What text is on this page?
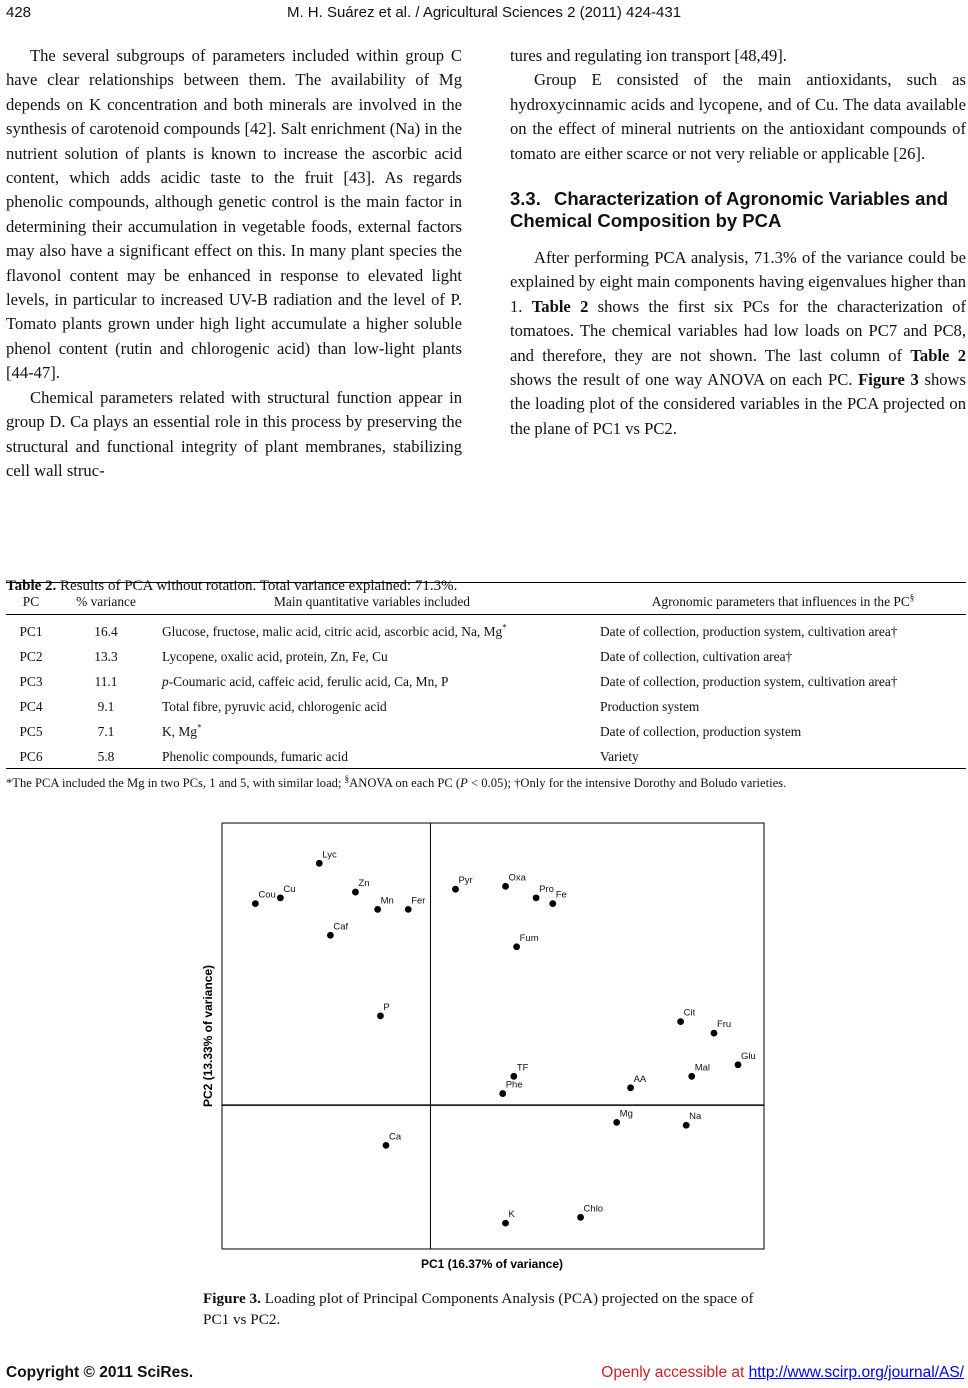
428	M. H. Suárez et al. / Agricultural Sciences 2 (2011) 424-431

The several subgroups of parameters included within group C have clear relationships between them. The availability of Mg depends on K concentration and both minerals are involved in the synthesis of carotenoid compounds [42]. Salt enrichment (Na) in the nutrient solution of plants is known to increase the ascorbic acid content, which adds acidic taste to the fruit [43]. As regards phenolic compounds, although genetic control is the main factor in determining their accumulation in vegetable foods, external factors may also have a significant effect on this. In many plant species the flavonol content may be enhanced in response to elevated light levels, in particular to increased UV-B radiation and the level of P. Tomato plants grown under high light accumulate a higher soluble phenol content (rutin and chlorogenic acid) than low-light plants [44-47].

Chemical parameters related with structural function appear in group D. Ca plays an essential role in this process by preserving the structural and functional integrity of plant membranes, stabilizing cell wall struc-

tures and regulating ion transport [48,49].

Group E consisted of the main antioxidants, such as hydroxycinnamic acids and lycopene, and of Cu. The data available on the effect of mineral nutrients on the antioxidant compounds of tomato are either scarce or not very reliable or applicable [26].

3.3. Characterization of Agronomic Variables and Chemical Composition by PCA

After performing PCA analysis, 71.3% of the variance could be explained by eight main components having eigenvalues higher than 1. Table 2 shows the first six PCs for the characterization of tomatoes. The chemical variables had low loads on PC7 and PC8, and therefore, they are not shown. The last column of Table 2 shows the result of one way ANOVA on each PC. Figure 3 shows the loading plot of the considered variables in the PCA projected on the plane of PC1 vs PC2.

Table 2. Results of PCA without rotation. Total variance explained: 71.3%.
PC	% variance	Main quantitative variables included	Agronomic parameters that influences in the PC§
PC1	16.4	Glucose, fructose, malic acid, citric acid, ascorbic acid, Na, Mg*	Date of collection, production system, cultivation area†
PC2	13.3	Lycopene, oxalic acid, protein, Zn, Fe, Cu	Date of collection, cultivation area†
PC3	11.1	p-Coumaric acid, caffeic acid, ferulic acid, Ca, Mn, P	Date of collection, production system, cultivation area†
PC4	9.1	Total fibre, pyruvic acid, chlorogenic acid	Production system
PC5	7.1	K, Mg*	Date of collection, production system
PC6	5.8	Phenolic compounds, fumaric acid	Variety
*The PCA included the Mg in two PCs, 1 and 5, with similar load; §ANOVA on each PC (P < 0.05); †Only for the intensive Dorothy and Boludo varieties.
Lyc
Cou
Cu
Zn
Mn Fer
Caf
P
Pyr	Oxa
Pro
Fe
Fum
Cit
Fru
Glu
TF
Phe
AA
Mal
Mg	Na
Ca
K
Chlo
PC1 (16.37% of variance)
PC2 (13.33% of variance)
Figure 3. Loading plot of Principal Components Analysis (PCA) projected on the space of PC1 vs PC2.
Copyright © 2011 SciRes.	Openly accessible at http://www.scirp.org/journal/AS/
